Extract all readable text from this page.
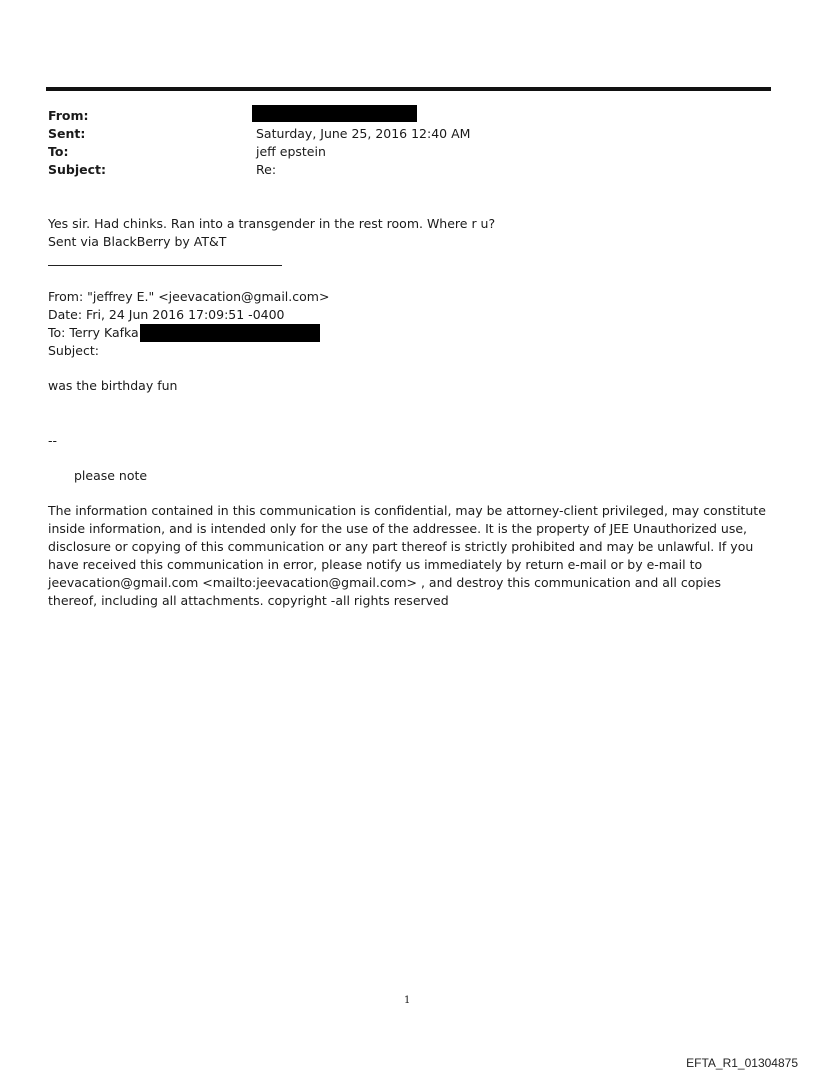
From:
Sent:	Saturday, June 25, 2016 12:40 AM
To:	jeff epstein
Subject:	Re:
Yes sir. Had chinks. Ran into a transgender in the rest room. Where r u?
Sent via BlackBerry by AT&T
From: "jeffrey E." <jeevacation@gmail.com>
Date: Fri, 24 Jun 2016 17:09:51 -0400
To: Terry Kafka
Subject:
was the birthday fun
--
please note

The information contained in this communication is confidential, may be attorney-client privileged, may constitute inside information, and is intended only for the use of the addressee. It is the property of JEE Unauthorized use, disclosure or copying of this communication or any part thereof is strictly prohibited and may be unlawful. If you have received this communication in error, please notify us immediately by return e-mail or by e-mail to jeevacation@gmail.com <mailto:jeevacation@gmail.com> , and destroy this communication and all copies thereof, including all attachments. copyright -all rights reserved

1
EFTA_R1_01304875
